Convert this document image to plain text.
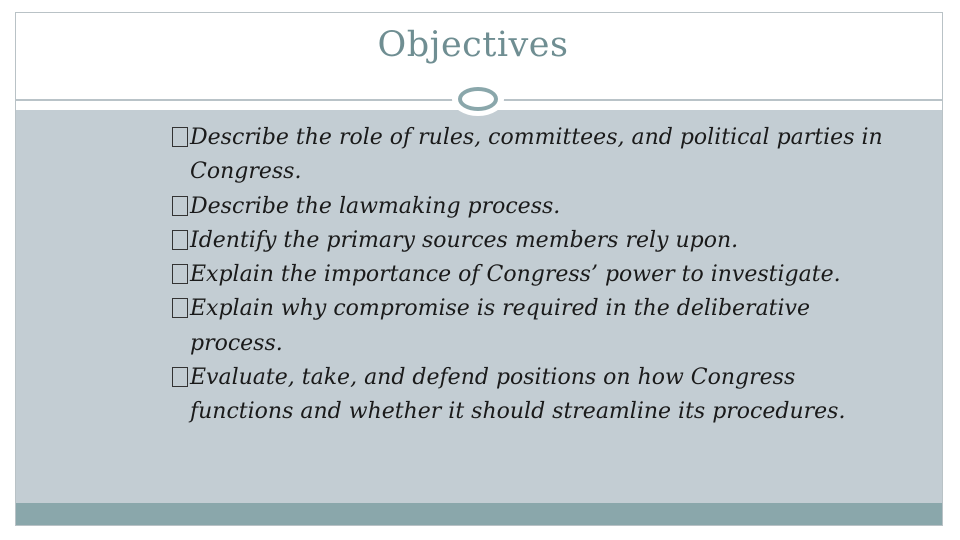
Objectives
Describe the role of rules, committees, and political parties in Congress.
Describe the lawmaking process.
Identify the primary sources members rely upon.
Explain the importance of Congress’ power to investigate.
Explain why compromise is required in the deliberative process.
Evaluate, take, and defend positions on how Congress functions and whether it should streamline its procedures.
